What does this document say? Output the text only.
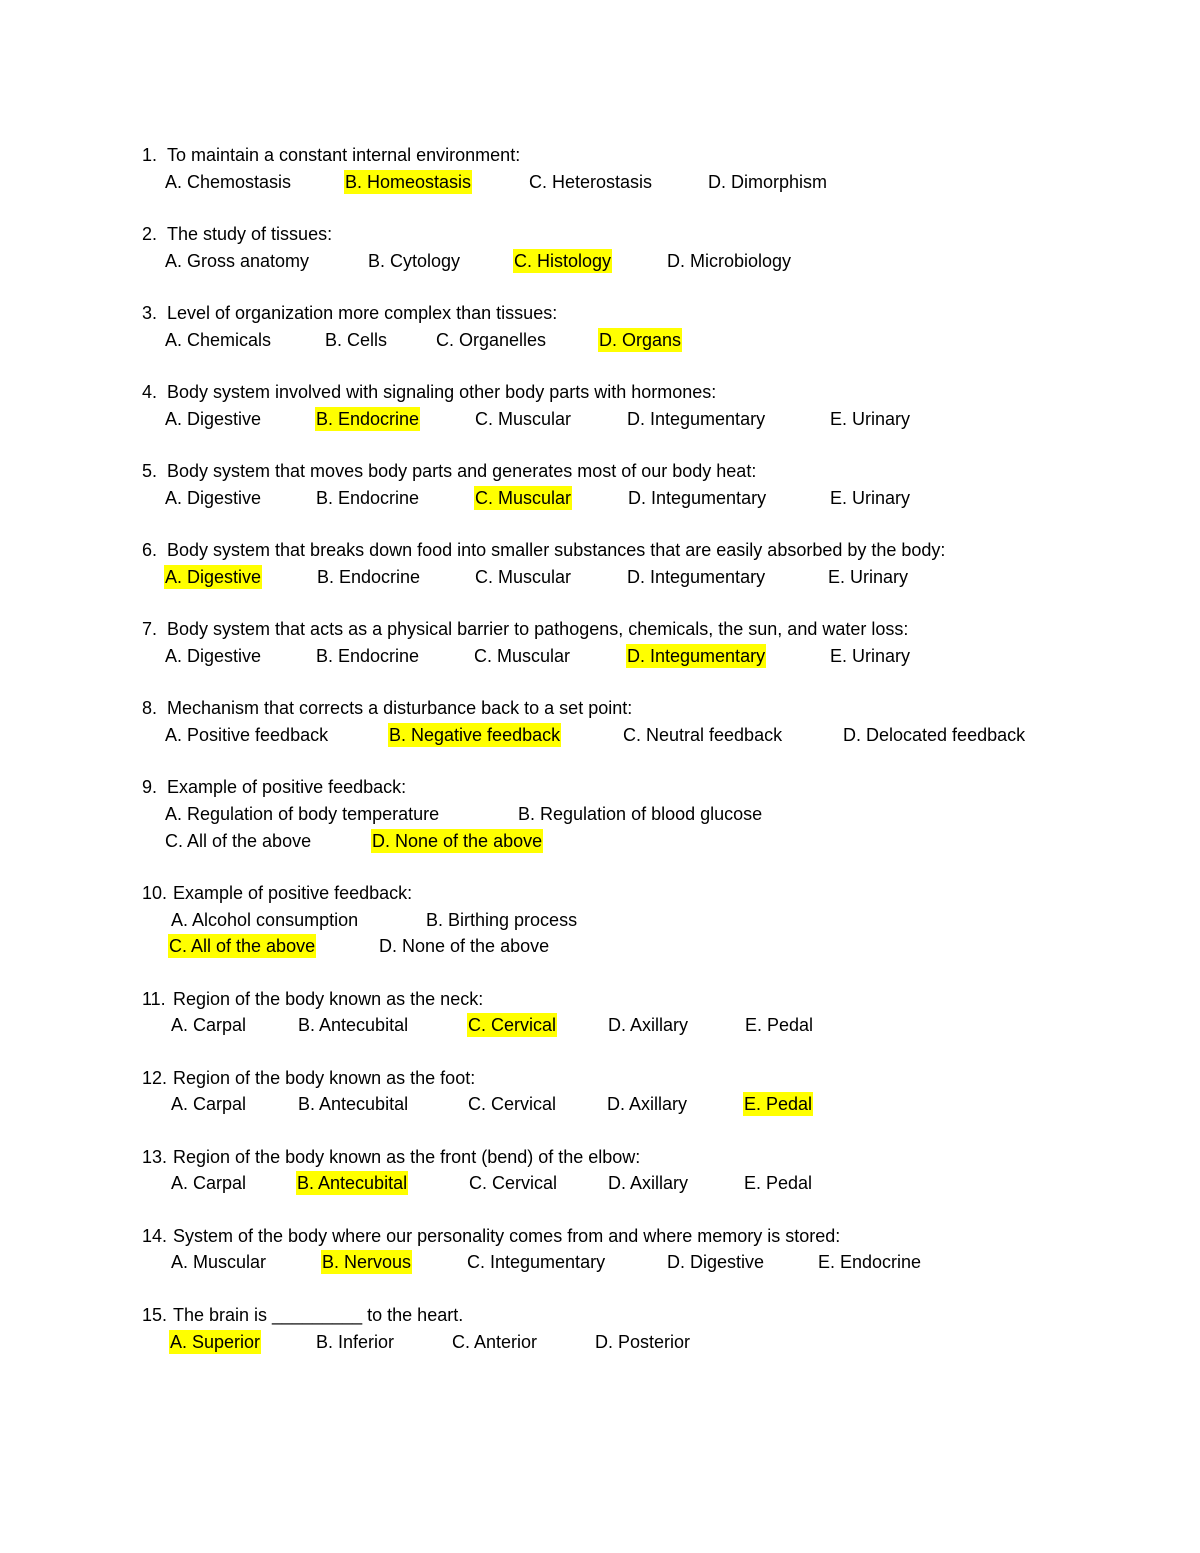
1. To maintain a constant internal environment:
A. Chemostasis	B. Homeostasis	C. Heterostasis	D. Dimorphism
2. The study of tissues:
A. Gross anatomy	B. Cytology	C. Histology	D. Microbiology
3. Level of organization more complex than tissues:
A. Chemicals	B. Cells	C. Organelles	D. Organs
4. Body system involved with signaling other body parts with hormones:
A. Digestive	B. Endocrine	C. Muscular	D. Integumentary	E. Urinary
5. Body system that moves body parts and generates most of our body heat:
A. Digestive	B. Endocrine	C. Muscular	D. Integumentary	E. Urinary
6. Body system that breaks down food into smaller substances that are easily absorbed by the body:
A. Digestive	B. Endocrine	C. Muscular	D. Integumentary	E. Urinary
7. Body system that acts as a physical barrier to pathogens, chemicals, the sun, and water loss:
A. Digestive	B. Endocrine	C. Muscular	D. Integumentary	E. Urinary
8. Mechanism that corrects a disturbance back to a set point:
A. Positive feedback	B. Negative feedback	C. Neutral feedback	D. Delocated feedback
9. Example of positive feedback:
A. Regulation of body temperature	B. Regulation of blood glucose
C. All of the above	D. None of the above
10. Example of positive feedback:
A. Alcohol consumption	B. Birthing process
C. All of the above	D. None of the above
11. Region of the body known as the neck:
A. Carpal	B. Antecubital	C. Cervical	D. Axillary	E. Pedal
12. Region of the body known as the foot:
A. Carpal	B. Antecubital	C. Cervical	D. Axillary	E. Pedal
13. Region of the body known as the front (bend) of the elbow:
A. Carpal	B. Antecubital	C. Cervical	D. Axillary	E. Pedal
14. System of the body where our personality comes from and where memory is stored:
A. Muscular	B. Nervous	C. Integumentary	D. Digestive	E. Endocrine
15. The brain is _________ to the heart.
A. Superior	B. Inferior	C. Anterior	D. Posterior
